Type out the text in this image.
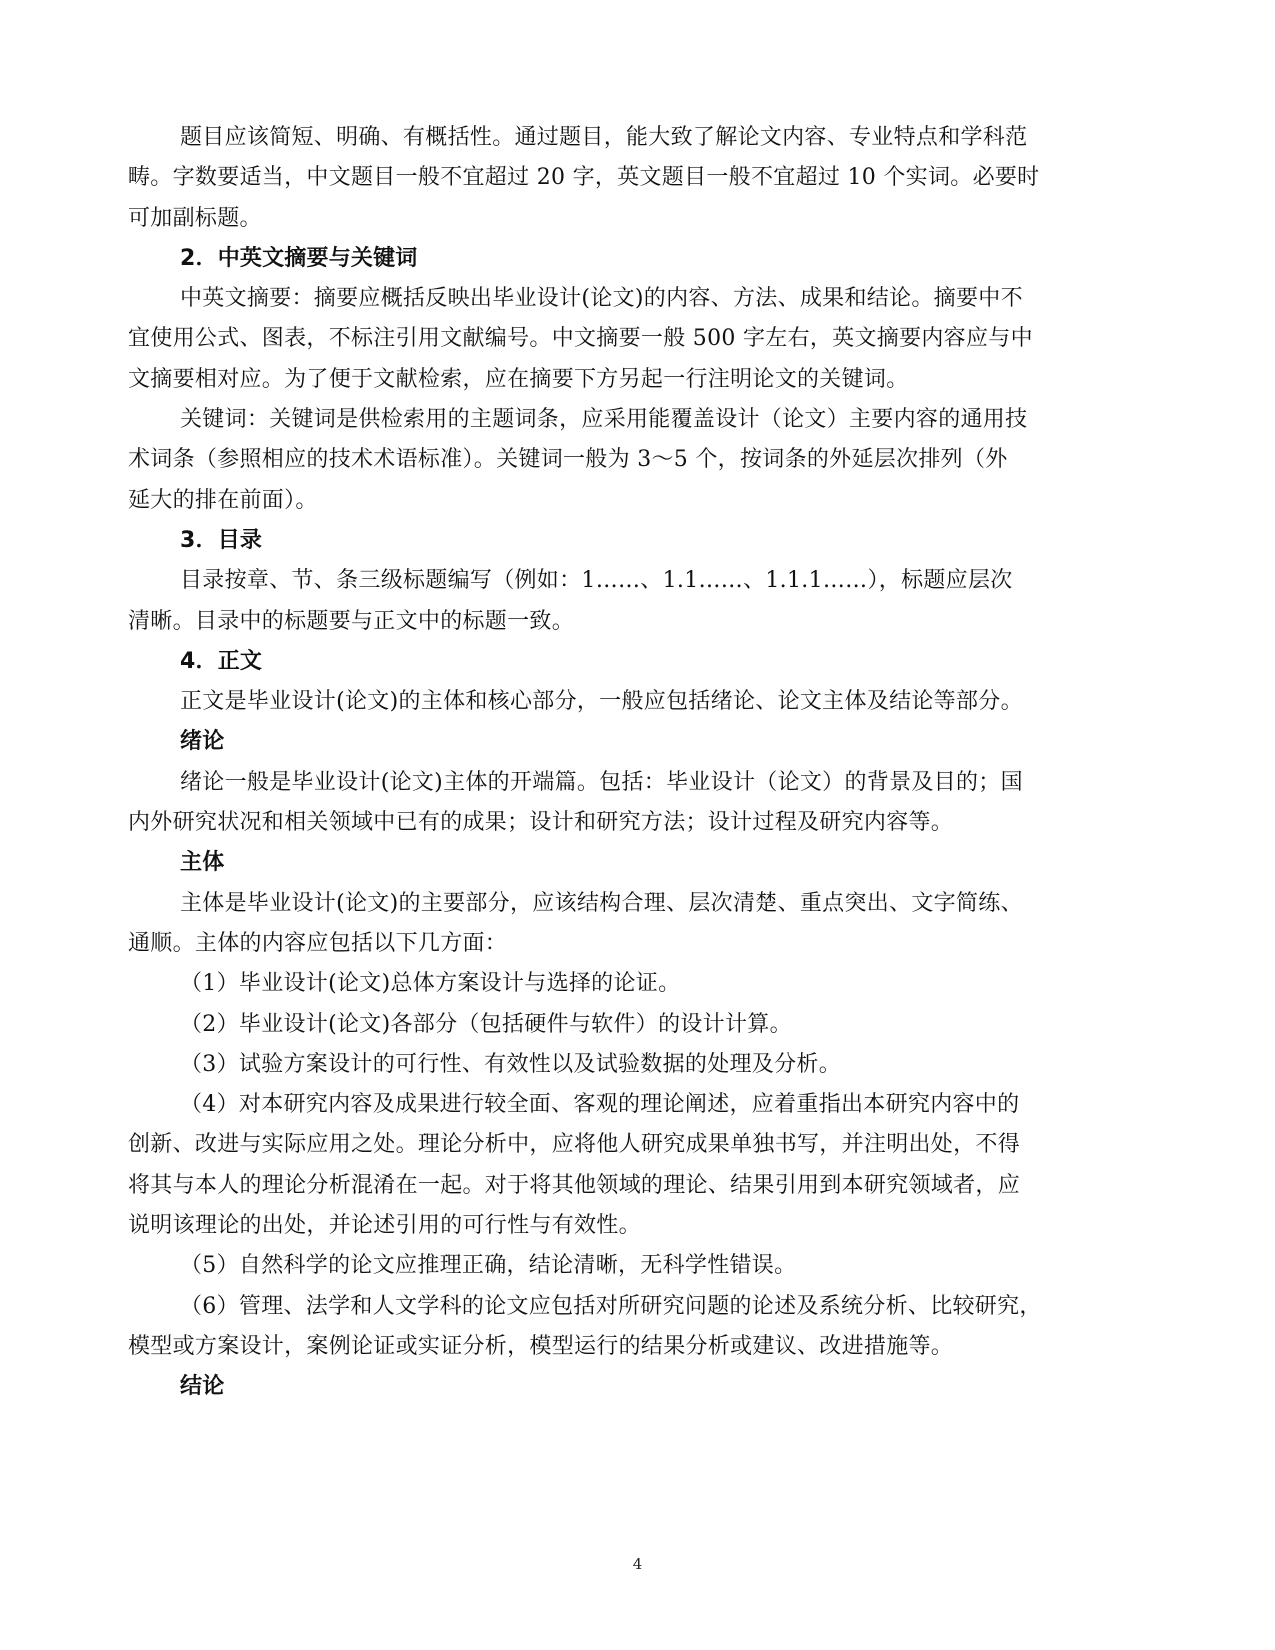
题目应该简短、明确、有概括性。通过题目，能大致了解论文内容、专业特点和学科范
畴。字数要适当，中文题目一般不宜超过 20 字，英文题目一般不宜超过 10 个实词。必要时
可加副标题。
2．中英文摘要与关键词
中英文摘要：摘要应概括反映出毕业设计(论文)的内容、方法、成果和结论。摘要中不
宜使用公式、图表，不标注引用文献编号。中文摘要一般 500 字左右，英文摘要内容应与中
文摘要相对应。为了便于文献检索，应在摘要下方另起一行注明论文的关键词。
关键词：关键词是供检索用的主题词条，应采用能覆盖设计（论文）主要内容的通用技
术词条（参照相应的技术术语标准）。关键词一般为 3～5 个，按词条的外延层次排列（外
延大的排在前面）。
3．目录
目录按章、节、条三级标题编写（例如：1……、1.1……、1.1.1……），标题应层次
清晰。目录中的标题要与正文中的标题一致。
4．正文
正文是毕业设计(论文)的主体和核心部分，一般应包括绪论、论文主体及结论等部分。
绪论
绪论一般是毕业设计(论文)主体的开端篇。包括：毕业设计（论文）的背景及目的；国
内外研究状况和相关领域中已有的成果；设计和研究方法；设计过程及研究内容等。
主体
主体是毕业设计(论文)的主要部分，应该结构合理、层次清楚、重点突出、文字简练、
通顺。主体的内容应包括以下几方面：
（1）毕业设计(论文)总体方案设计与选择的论证。
（2）毕业设计(论文)各部分（包括硬件与软件）的设计计算。
（3）试验方案设计的可行性、有效性以及试验数据的处理及分析。
（4）对本研究内容及成果进行较全面、客观的理论阐述，应着重指出本研究内容中的
创新、改进与实际应用之处。理论分析中，应将他人研究成果单独书写，并注明出处，不得
将其与本人的理论分析混淆在一起。对于将其他领域的理论、结果引用到本研究领域者，应
说明该理论的出处，并论述引用的可行性与有效性。
（5）自然科学的论文应推理正确，结论清晰，无科学性错误。
（6）管理、法学和人文学科的论文应包括对所研究问题的论述及系统分析、比较研究，
模型或方案设计，案例论证或实证分析，模型运行的结果分析或建议、改进措施等。
结论
4
